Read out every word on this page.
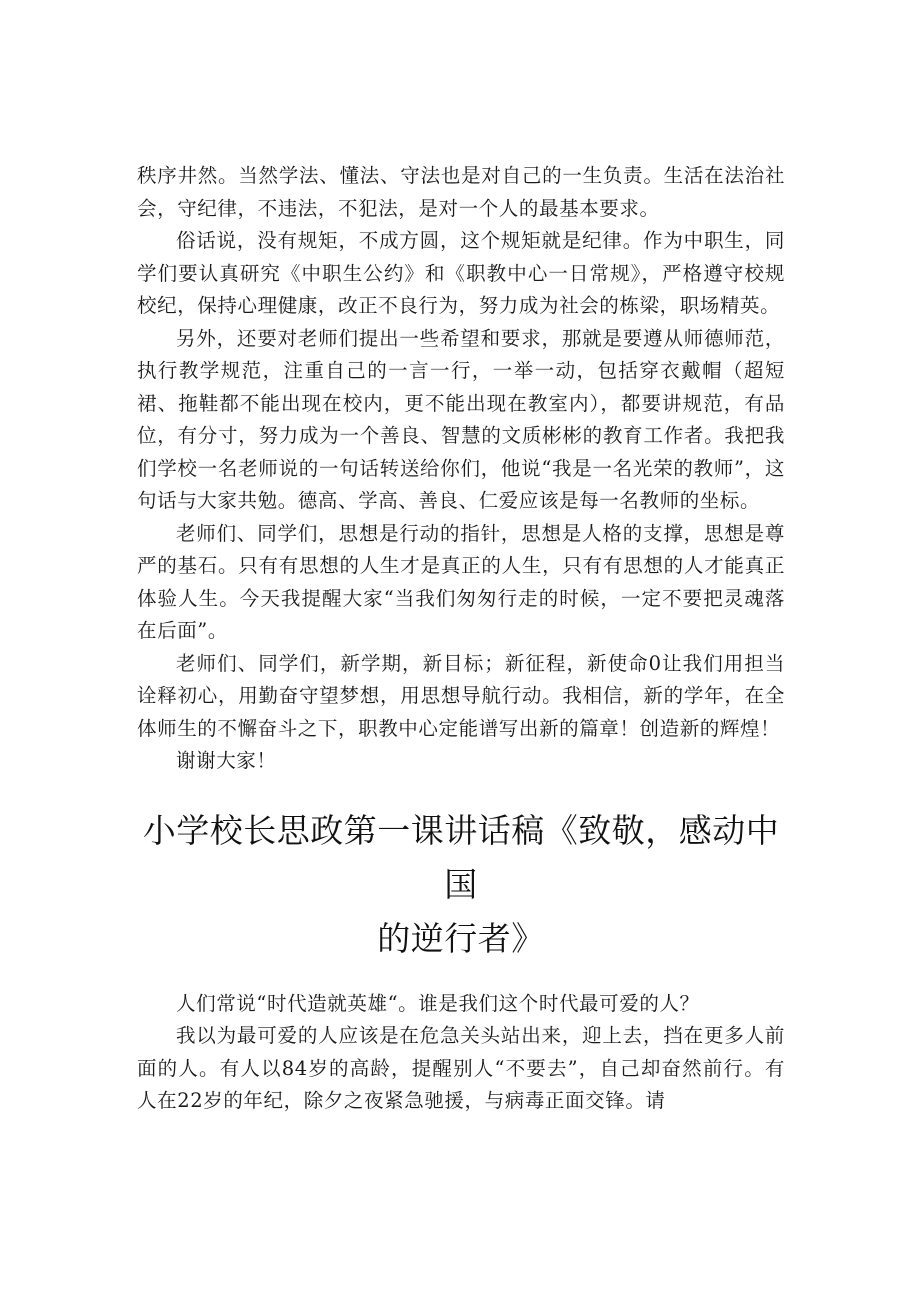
秩序井然。当然学法、懂法、守法也是对自己的一生负责。生活在法治社会，守纪律，不违法，不犯法，是对一个人的最基本要求。

俗话说，没有规矩，不成方圆，这个规矩就是纪律。作为中职生，同学们要认真研究《中职生公约》和《职教中心一日常规》，严格遵守校规校纪，保持心理健康，改正不良行为，努力成为社会的栋梁，职场精英。

另外，还要对老师们提出一些希望和要求，那就是要遵从师德师范，执行教学规范，注重自己的一言一行，一举一动，包括穿衣戴帽（超短裙、拖鞋都不能出现在校内，更不能出现在教室内），都要讲规范，有品位，有分寸，努力成为一个善良、智慧的文质彬彬的教育工作者。我把我们学校一名老师说的一句话转送给你们，他说“我是一名光荣的教师”，这句话与大家共勉。德高、学高、善良、仁爱应该是每一名教师的坐标。

老师们、同学们，思想是行动的指针，思想是人格的支撑，思想是尊严的基石。只有有思想的人生才是真正的人生，只有有思想的人才能真正体验人生。今天我提醒大家“当我们匆匆行走的时候，一定不要把灵魂落在后面”。

老师们、同学们，新学期，新目标；新征程，新使命0让我们用担当诠释初心，用勤奋守望梦想，用思想导航行动。我相信，新的学年，在全体师生的不懈奋斗之下，职教中心定能谱写出新的篇章！创造新的辉煌！

谢谢大家！

小学校长思政第一课讲话稿《致敬，感动中国
的逆行者》

人们常说“时代造就英雄“。谁是我们这个时代最可爱的人？

我以为最可爱的人应该是在危急关头站出来，迎上去，挡在更多人前面的人。有人以84岁的高龄，提醒别人“不要去”，自己却奋然前行。有人在22岁的年纪，除夕之夜紧急驰援，与病毒正面交锋。请
